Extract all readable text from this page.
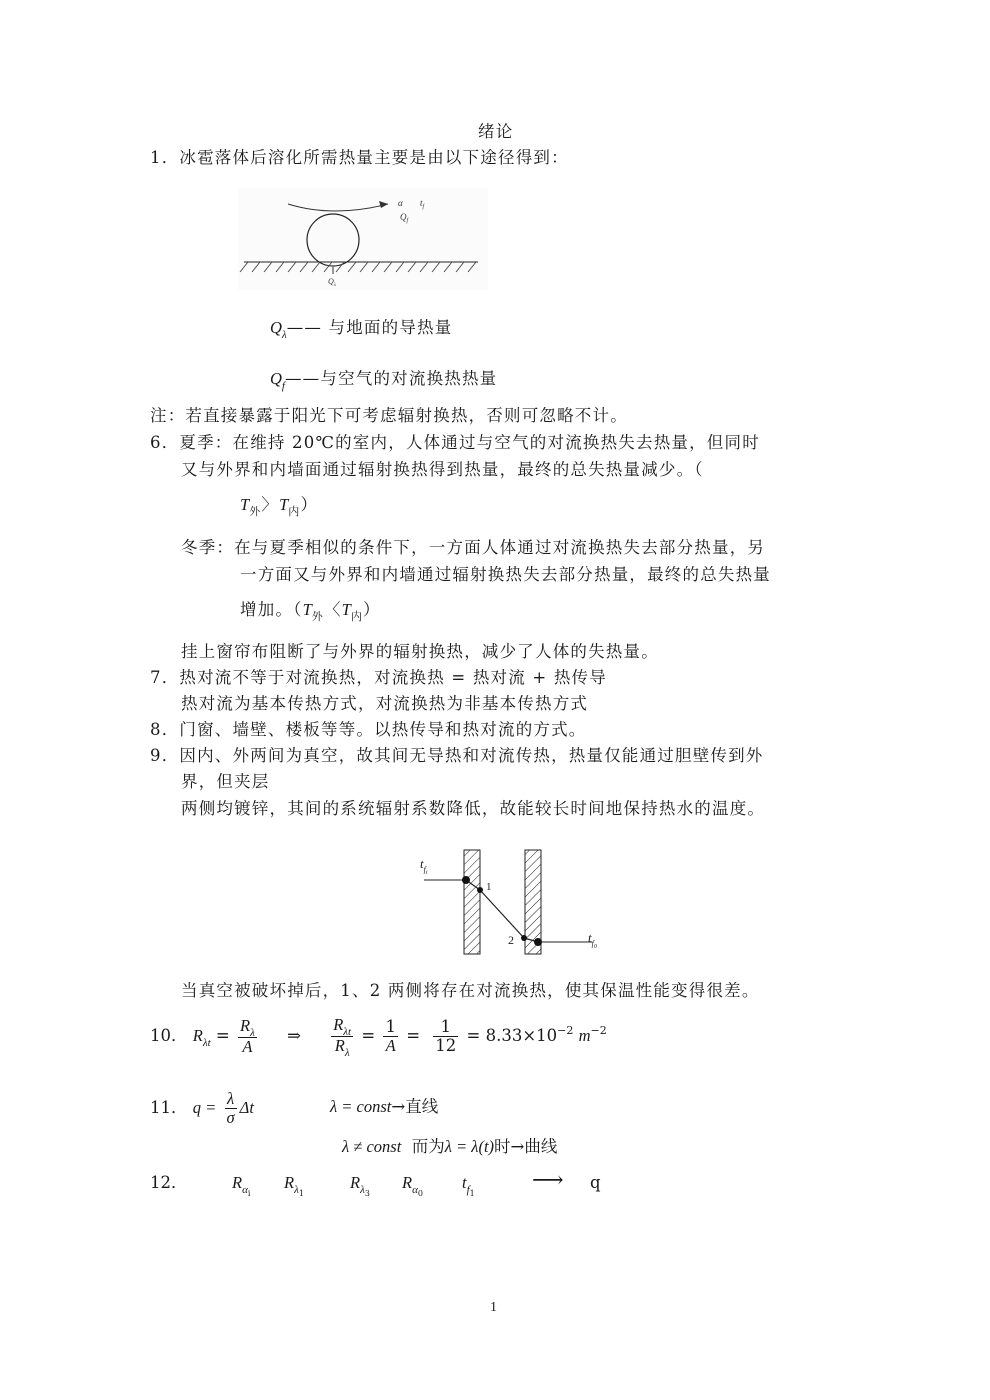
绪论
1．冰雹落体后溶化所需热量主要是由以下途径得到：
α $t_f$
$Q_f$
$Q_\lambda$
$Q_\lambda——$ 与地面的导热量
$Q_f——$与空气的对流换热热量
注：若直接暴露于阳光下可考虑辐射换热，否则可忽略不计。
6．夏季：在维持 20℃的室内，人体通过与空气的对流换热失去热量，但同时
又与外界和内墙面通过辐射换热得到热量，最终的总失热量减少。（
$T_外$〉$T_内$）
冬季：在与夏季相似的条件下，一方面人体通过对流换热失去部分热量，另
一方面又与外界和内墙通过辐射换热失去部分热量，最终的总失热量
增加。（$T_外$〈$T_内$）
挂上窗帘布阻断了与外界的辐射换热，减少了人体的失热量。
7．热对流不等于对流换热，对流换热 = 热对流 + 热传导
热对流为基本传热方式，对流换热为非基本传热方式
8．门窗、墙壁、楼板等等。以热传导和热对流的方式。
9．因内、外两间为真空，故其间无导热和对流传热，热量仅能通过胆壁传到外
界，但夹层
两侧均镀锌，其间的系统辐射系数降低，故能较长时间地保持热水的温度。
$t_fi$
1
2	$t_f0$
当真空被破坏掉后，1、2 两侧将存在对流换热，使其保温性能变得很差。
10． $R_{\lambda t} = \frac{R_\lambda}{A}$ ⇒ $\frac{R_{\lambda t}}{R_\lambda} = \frac{1}{A} = \frac{1}{12} = 8.33\times 10^{-2}$ $m^{-2}$
11． $q = \frac{\lambda}{\sigma}$ Δt	λ = const→直线
λ ≠ const 而为λ = λ(t)时→曲线
12．	$R_{\alpha i}$
$R_{\lambda 1}$
$R_{\lambda 3}$
$R_{\alpha 0}$
$t_{f1}$
⟶ q
1
